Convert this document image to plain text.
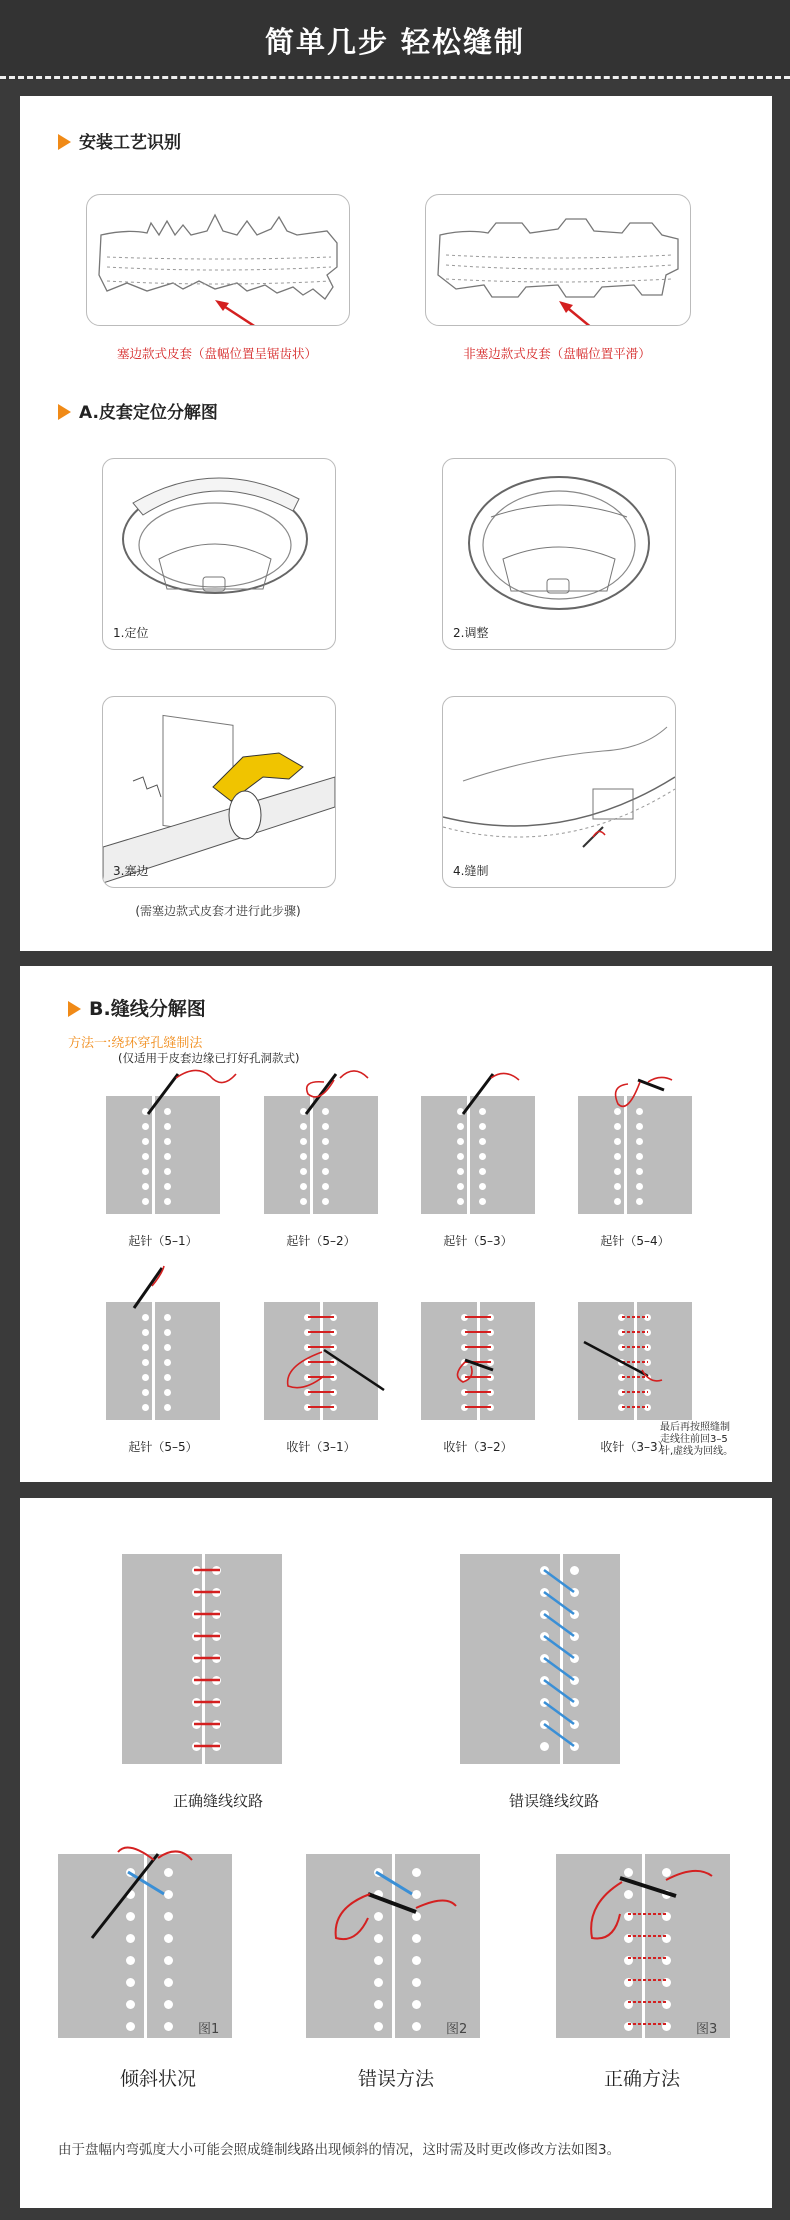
简单几步 轻松缝制
安装工艺识别
塞边款式皮套（盘幅位置呈锯齿状）	非塞边款式皮套（盘幅位置平滑）
A.皮套定位分解图
1.定位	2.调整
3.塞边	4.缝制
(需塞边款式皮套才进行此步骤)
B.缝线分解图
方法一:绕环穿孔缝制法
(仅适用于皮套边缘已打好孔洞款式)
起针（5–1）	起针（5–2）	起针（5–3）	起针（5–4）
起针（5–5）	收针（3–1）	收针（3–2）	收针（3–3）
最后再按照缝制
走线往前回3–5
针,虚线为回线。
图1	图2	图3
正确缝线纹路	错误缝线纹路
倾斜状况	错误方法	正确方法
由于盘幅内弯弧度大小可能会照成缝制线路出现倾斜的情况，这时需及时更改修改方法如图3。
